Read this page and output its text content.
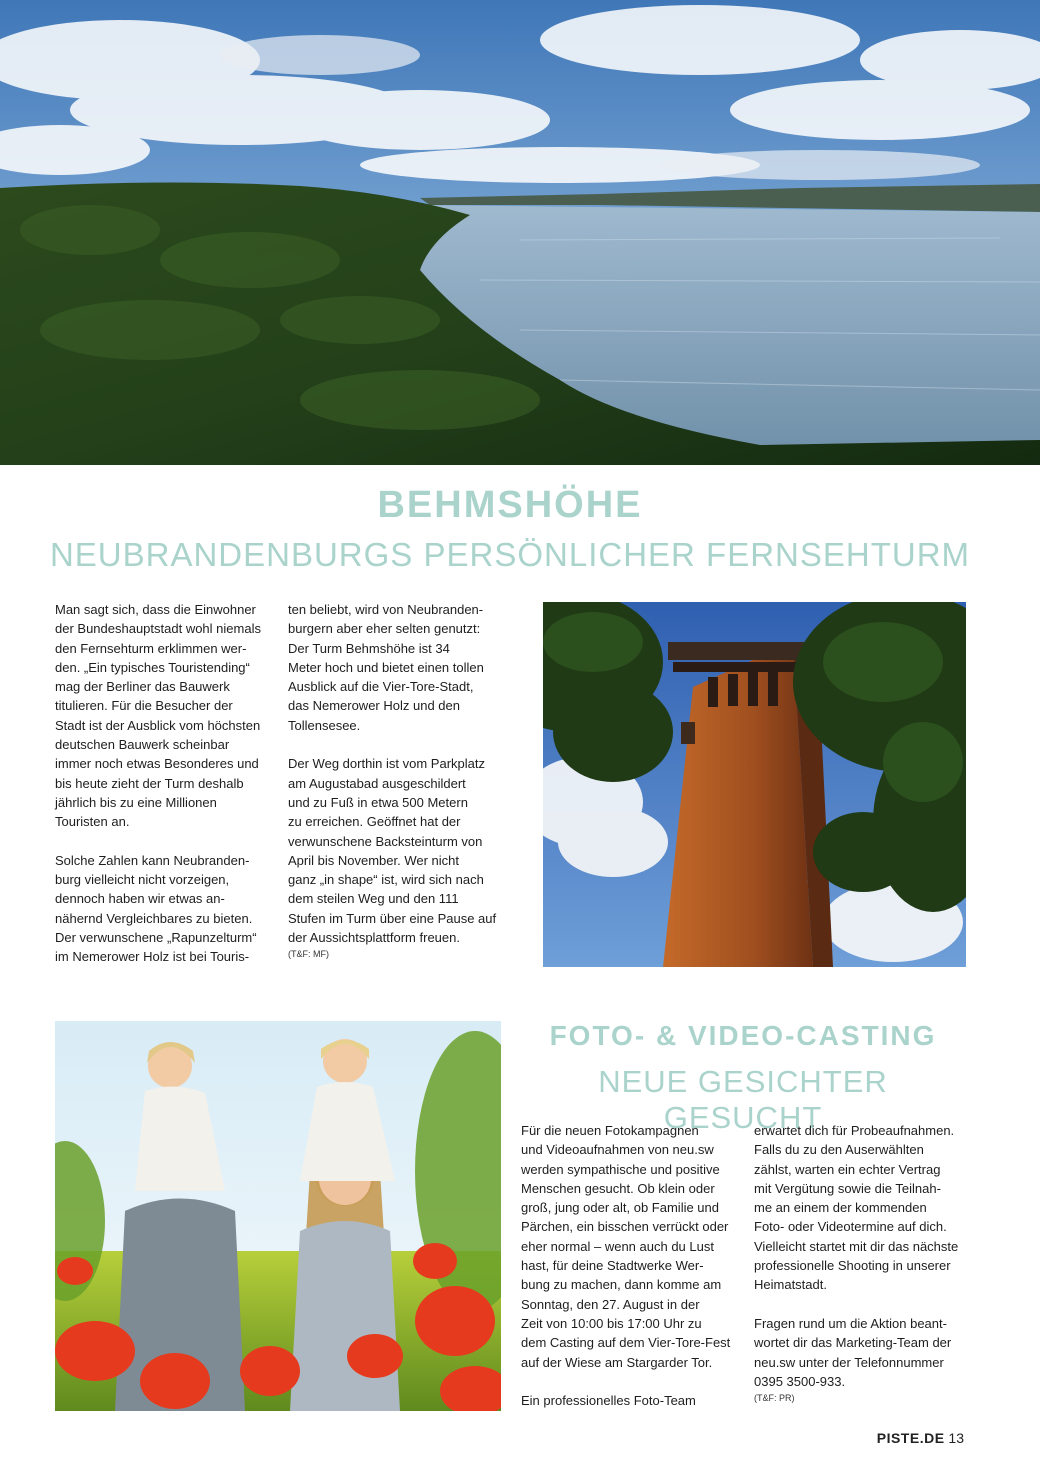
BEHMSHÖHE
NEUBRANDENBURGS PERSÖNLICHER FERNSEHTURM

Man sagt sich, dass die Einwohner
der Bundeshauptstadt wohl niemals
den Fernsehturm erklimmen wer-
den. „Ein typisches Touristending“
mag der Berliner das Bauwerk
titulieren. Für die Besucher der
Stadt ist der Ausblick vom höchsten
deutschen Bauwerk scheinbar
immer noch etwas Besonderes und
bis heute zieht der Turm deshalb
jährlich bis zu eine Millionen
Touristen an.

Solche Zahlen kann Neubranden-
burg vielleicht nicht vorzeigen,
dennoch haben wir etwas an-
nähernd Vergleichbares zu bieten.
Der verwunschene „Rapunzelturm“
im Nemerower Holz ist bei Touris-

ten beliebt, wird von Neubranden-
burgern aber eher selten genutzt:
Der Turm Behmshöhe ist 34
Meter hoch und bietet einen tollen
Ausblick auf die Vier-Tore-Stadt,
das Nemerower Holz und den
Tollensesee.

Der Weg dorthin ist vom Parkplatz
am Augustabad ausgeschildert
und zu Fuß in etwa 500 Metern
zu erreichen. Geöffnet hat der
verwunschene Backsteinturm von
April bis November. Wer nicht
ganz „in shape“ ist, wird sich nach
dem steilen Weg und den 111
Stufen im Turm über eine Pause auf
der Aussichtsplattform freuen.

(T&F: MF)
FOTO- & VIDEO-CASTING
NEUE GESICHTER GESUCHT

Für die neuen Fotokampagnen
und Videoaufnahmen von neu.sw
werden sympathische und positive
Menschen gesucht. Ob klein oder
groß, jung oder alt, ob Familie und
Pärchen, ein bisschen verrückt oder
eher normal – wenn auch du Lust
hast, für deine Stadtwerke Wer-
bung zu machen, dann komme am
Sonntag, den 27. August in der
Zeit von 10:00 bis 17:00 Uhr zu
dem Casting auf dem Vier-Tore-Fest
auf der Wiese am Stargarder Tor.

Ein professionelles Foto-Team

erwartet dich für Probeaufnahmen.
Falls du zu den Auserwählten
zählst, warten ein echter Vertrag
mit Vergütung sowie die Teilnah-
me an einem der kommenden
Foto- oder Videotermine auf dich.
Vielleicht startet mit dir das nächste
professionelle Shooting in unserer
Heimatstadt.

Fragen rund um die Aktion beant-
wortet dir das Marketing-Team der
neu.sw unter der Telefonnummer
0395 3500-933.

(T&F: PR)
PISTE.DE 13
